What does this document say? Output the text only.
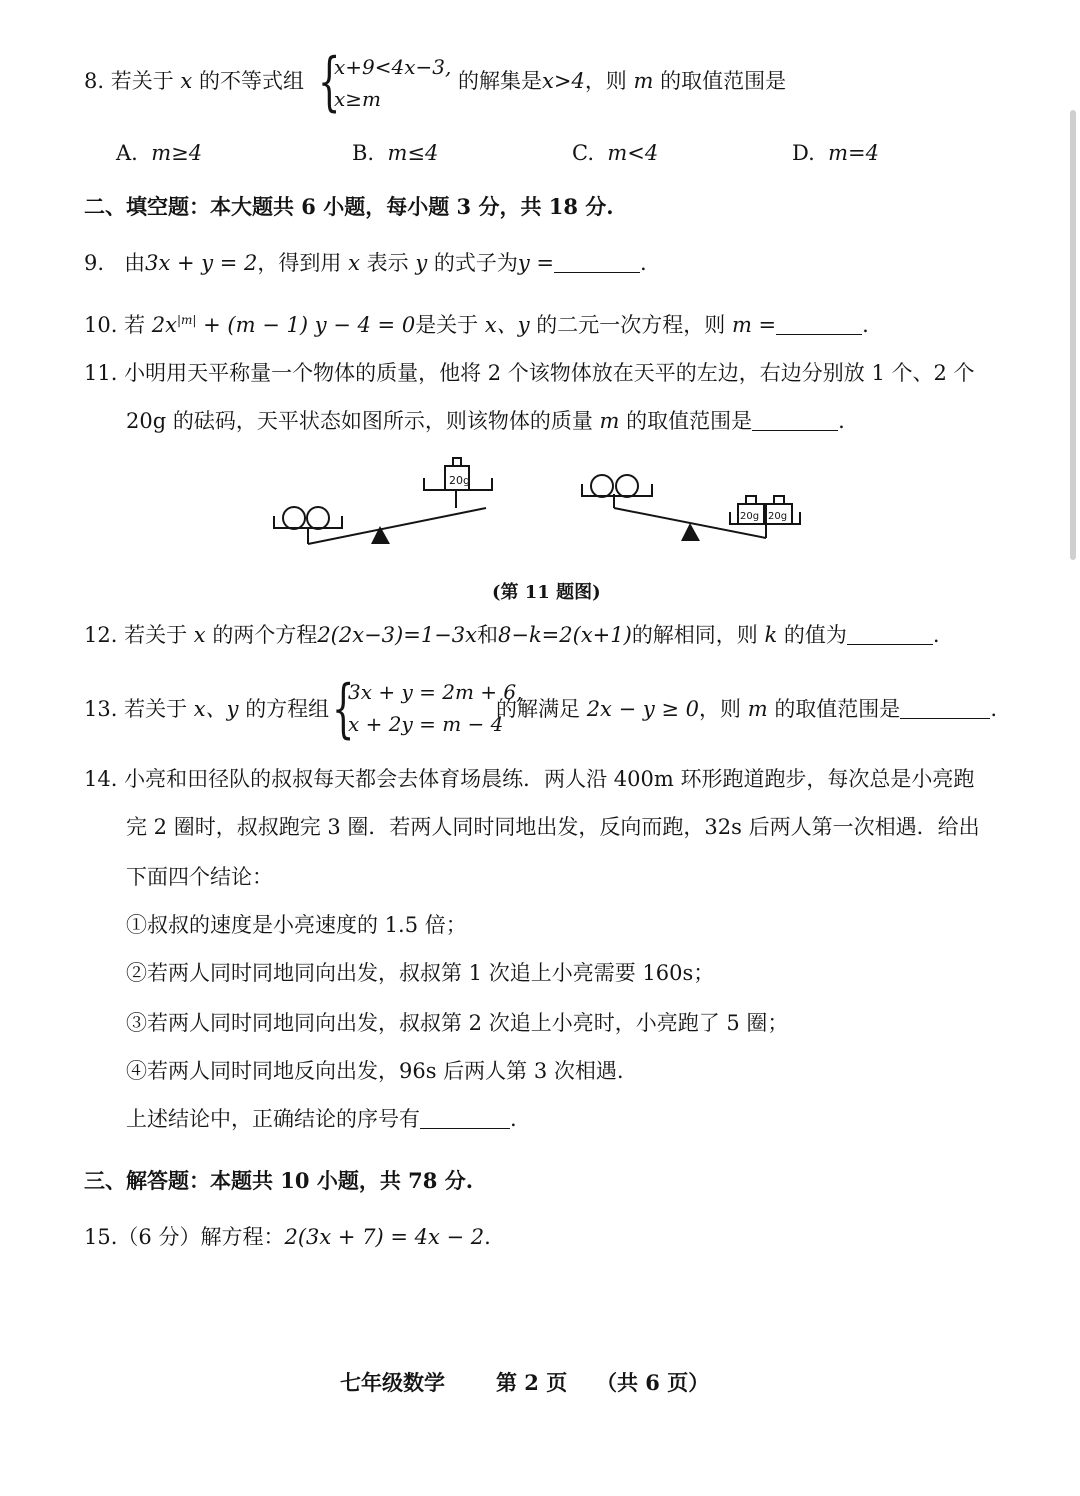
8. 若关于 x 的不等式组 {
x+9<4x−3,
x≥m
的解集是x>4，则 m 的取值范围是
A. m≥4	B. m≤4	C. m<4	D. m=4
二、填空题：本大题共 6 小题，每小题 3 分，共 18 分.
9. 由3x + y = 2，得到用 x 表示 y 的式子为y =	.
10. 若 $2x^{|m|} + (m - 1) y - 4 = 0$是关于 x、y 的二元一次方程，则 m =	.
11. 小明用天平称量一个物体的质量，他将 2 个该物体放在天平的左边，右边分别放 1 个、2 个
20g 的砝码，天平状态如图所示，则该物体的质量 m 的取值范围是	.
20g
20g 20g
(第 11 题图)
12. 若关于 x 的两个方程2(2x−3)=1−3x和8−k=2(x+1)的解相同，则 k 的值为	.
13. 若关于 x、y 的方程组 {
3x + y = 2m + 6,
x + 2y = m − 4
的解满足 2x − y ≥ 0，则 m 的取值范围是	.
14. 小亮和田径队的叔叔每天都会去体育场晨练．两人沿 400m 环形跑道跑步，每次总是小亮跑
完 2 圈时，叔叔跑完 3 圈．若两人同时同地出发，反向而跑，32s 后两人第一次相遇．给出
下面四个结论：
①叔叔的速度是小亮速度的 1.5 倍；
②若两人同时同地同向出发，叔叔第 1 次追上小亮需要 160s；
③若两人同时同地同向出发，叔叔第 2 次追上小亮时，小亮跑了 5 圈；
④若两人同时同地反向出发，96s 后两人第 3 次相遇.
上述结论中，正确结论的序号有	.
三、解答题：本题共 10 小题，共 78 分.
15.（6 分）解方程：2(3x + 7) = 4x − 2.
七年级数学 第 2 页 （共 6 页）
